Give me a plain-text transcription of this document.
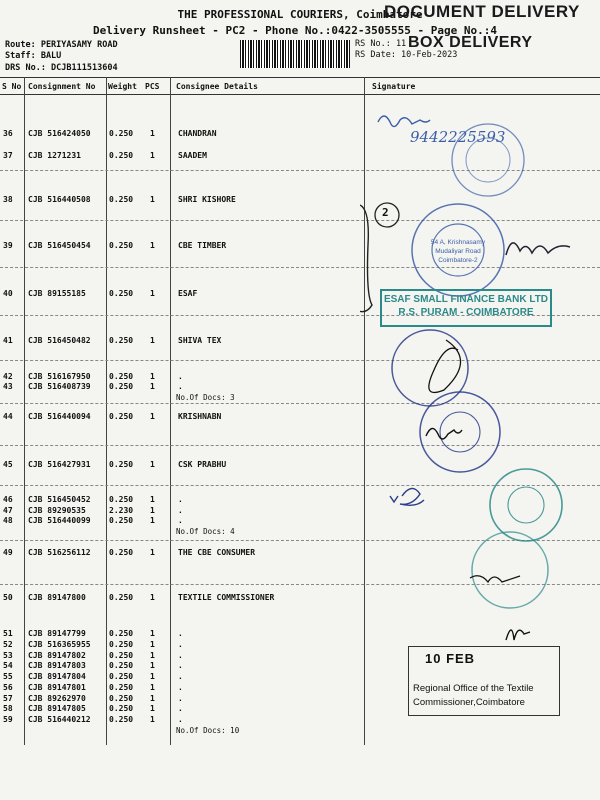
THE PROFESSIONAL COURIERS, Coimbatore
Delivery Runsheet - PC2 - Phone No.:0422-3505555 - Page No.:4
Route: PERIYASAMY ROAD
Staff: BALU
DRS No.: DCJB111513604
RS No.: 11
RS Date: 10-Feb-2023
DOCUMENT DELIVERY
BOX DELIVERY
S No Consignment No Weight PCS Consignee Details	Signature
36 CJB 516424050 0.250 1	CHANDRAN
37 CJB 1271231	0.250 1	SAADEM
38 CJB 516440508 0.250 1	SHRI KISHORE
39 CJB 516450454 0.250 1	CBE TIMBER
40 CJB 89155185	0.250 1	ESAF
41 CJB 516450482 0.250 1	SHIVA TEX
42 CJB 516167950 0.250 1	.
43 CJB 516408739 0.250 1	.
44 CJB 516440094 0.250 1	KRISHNABN
45 CJB 516427931 0.250 1	CSK PRABHU
46 CJB 516450452 0.250 1	.
47 CJB 89290535	2.230 1	.
48 CJB 516440099 0.250 1	.
49 CJB 516256112 0.250 1	THE CBE CONSUMER
50 CJB 89147800	0.250 1	TEXTILE COMMISSIONER
51 CJB 89147799	0.250 1	.
52 CJB 516365955 0.250 1	.
53 CJB 89147802	0.250 1	.
54 CJB 89147803	0.250 1	.
55 CJB 89147804	0.250 1	.
56 CJB 89147801	0.250 1	.
57 CJB 89262970	0.250 1	.
58 CJB 89147805	0.250 1	.
59 CJB 516440212 0.250 1	.
No.Of Docs: 3
No.Of Docs: 4
No.Of Docs: 10
9442225593
2
54 A, Krishnasamy
Mudaliyar Road
Coimbatore-2
ESAF SMALL FINANCE BANK LTD
R.S. PURAM - COIMBATORE
10 FEB
Regional Office of the Textile
Commissioner,Coimbatore
